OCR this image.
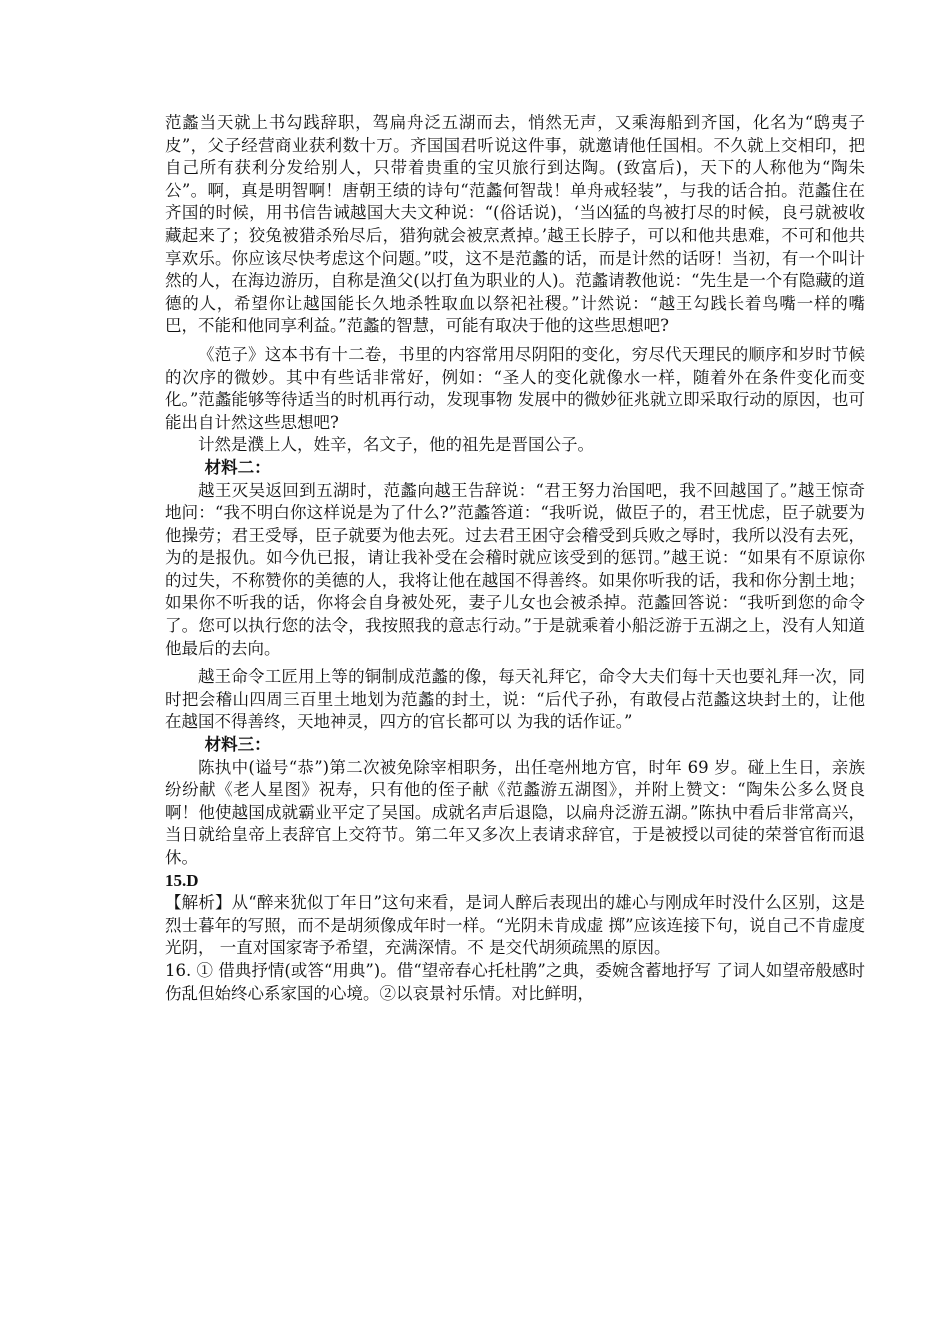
范蠡当天就上书勾践辞职，驾扁舟泛五湖而去，悄然无声，又乘海船到齐国，化名为“鸱夷子皮”，父子经营商业获利数十万。齐国国君听说这件事，就邀请他任国相。不久就上交相印，把自己所有获利分发给别人，只带着贵重的宝贝旅行到达陶。(致富后)，天下的人称他为“陶朱公”。啊，真是明智啊！唐朝王绩的诗句“范蠡何智哉！单舟戒轻装”，与我的话合拍。范蠡住在齐国的时候，用书信告诫越国大夫文种说：“(俗话说)，‘当凶猛的鸟被打尽的时候，良弓就被收藏起来了；狡兔被猎杀殆尽后，猎狗就会被烹煮掉。’越王长脖子，可以和他共患难，不可和他共享欢乐。你应该尽快考虑这个问题。”哎，这不是范蠡的话，而是计然的话呀！当初，有一个叫计然的人，在海边游历，自称是渔父(以打鱼为职业的人)。范蠡请教他说：“先生是一个有隐藏的道德的人，希望你让越国能长久地杀牲取血以祭祀社稷。”计然说：“越王勾践长着鸟嘴一样的嘴巴，不能和他同享利益。”范蠡的智慧，可能有取决于他的这些思想吧?

《范子》这本书有十二卷，书里的内容常用尽阴阳的变化，穷尽代天理民的顺序和岁时节候的次序的微妙。其中有些话非常好，例如：“圣人的变化就像水一样，随着外在条件变化而变化。”范蠡能够等待适当的时机再行动，发现事物 发展中的微妙征兆就立即采取行动的原因，也可能出自计然这些思想吧?

计然是濮上人，姓辛，名文子，他的祖先是晋国公子。

材料二：

越王灭吴返回到五湖时，范蠡向越王告辞说：“君王努力治国吧，我不回越国了。”越王惊奇地问：“我不明白你这样说是为了什么?”范蠡答道：“我听说，做臣子的，君王忧虑，臣子就要为他操劳；君王受辱，臣子就要为他去死。过去君王困守会稽受到兵败之辱时，我所以没有去死，为的是报仇。如今仇已报，请让我补受在会稽时就应该受到的惩罚。”越王说：“如果有不原谅你的过失，不称赞你的美德的人，我将让他在越国不得善终。如果你听我的话，我和你分割土地；如果你不听我的话，你将会自身被处死，妻子儿女也会被杀掉。范蠡回答说：“我听到您的命令了。您可以执行您的法令，我按照我的意志行动。”于是就乘着小船泛游于五湖之上，没有人知道他最后的去向。

越王命令工匠用上等的铜制成范蠡的像，每天礼拜它，命令大夫们每十天也要礼拜一次，同时把会稽山四周三百里土地划为范蠡的封土，说：“后代子孙，有敢侵占范蠡这块封土的，让他在越国不得善终，天地神灵，四方的官长都可以 为我的话作证。”

材料三：

陈执中(谥号“恭”)第二次被免除宰相职务，出任亳州地方官，时年 69 岁。碰上生日，亲族纷纷献《老人星图》祝寿，只有他的侄子献《范蠡游五湖图》，并附上赞文：“陶朱公多么贤良啊！他使越国成就霸业平定了吴国。成就名声后退隐，以扁舟泛游五湖。”陈执中看后非常高兴，当日就给皇帝上表辞官上交符节。第二年又多次上表请求辞官，于是被授以司徒的荣誉官衔而退休。

15.D

【解析】从“醉来犹似丁年日”这句来看，是词人醉后表现出的雄心与刚成年时没什么区别，这是烈士暮年的写照，而不是胡须像成年时一样。“光阴未肯成虚 掷”应该连接下句，说自己不肯虚度光阴， 一直对国家寄予希望，充满深情。不 是交代胡须疏黑的原因。

16. ① 借典抒情(或答“用典”)。借“望帝春心托杜鹃”之典，委婉含蓄地抒写 了词人如望帝般感时伤乱但始终心系家国的心境。②以哀景衬乐情。对比鲜明，
